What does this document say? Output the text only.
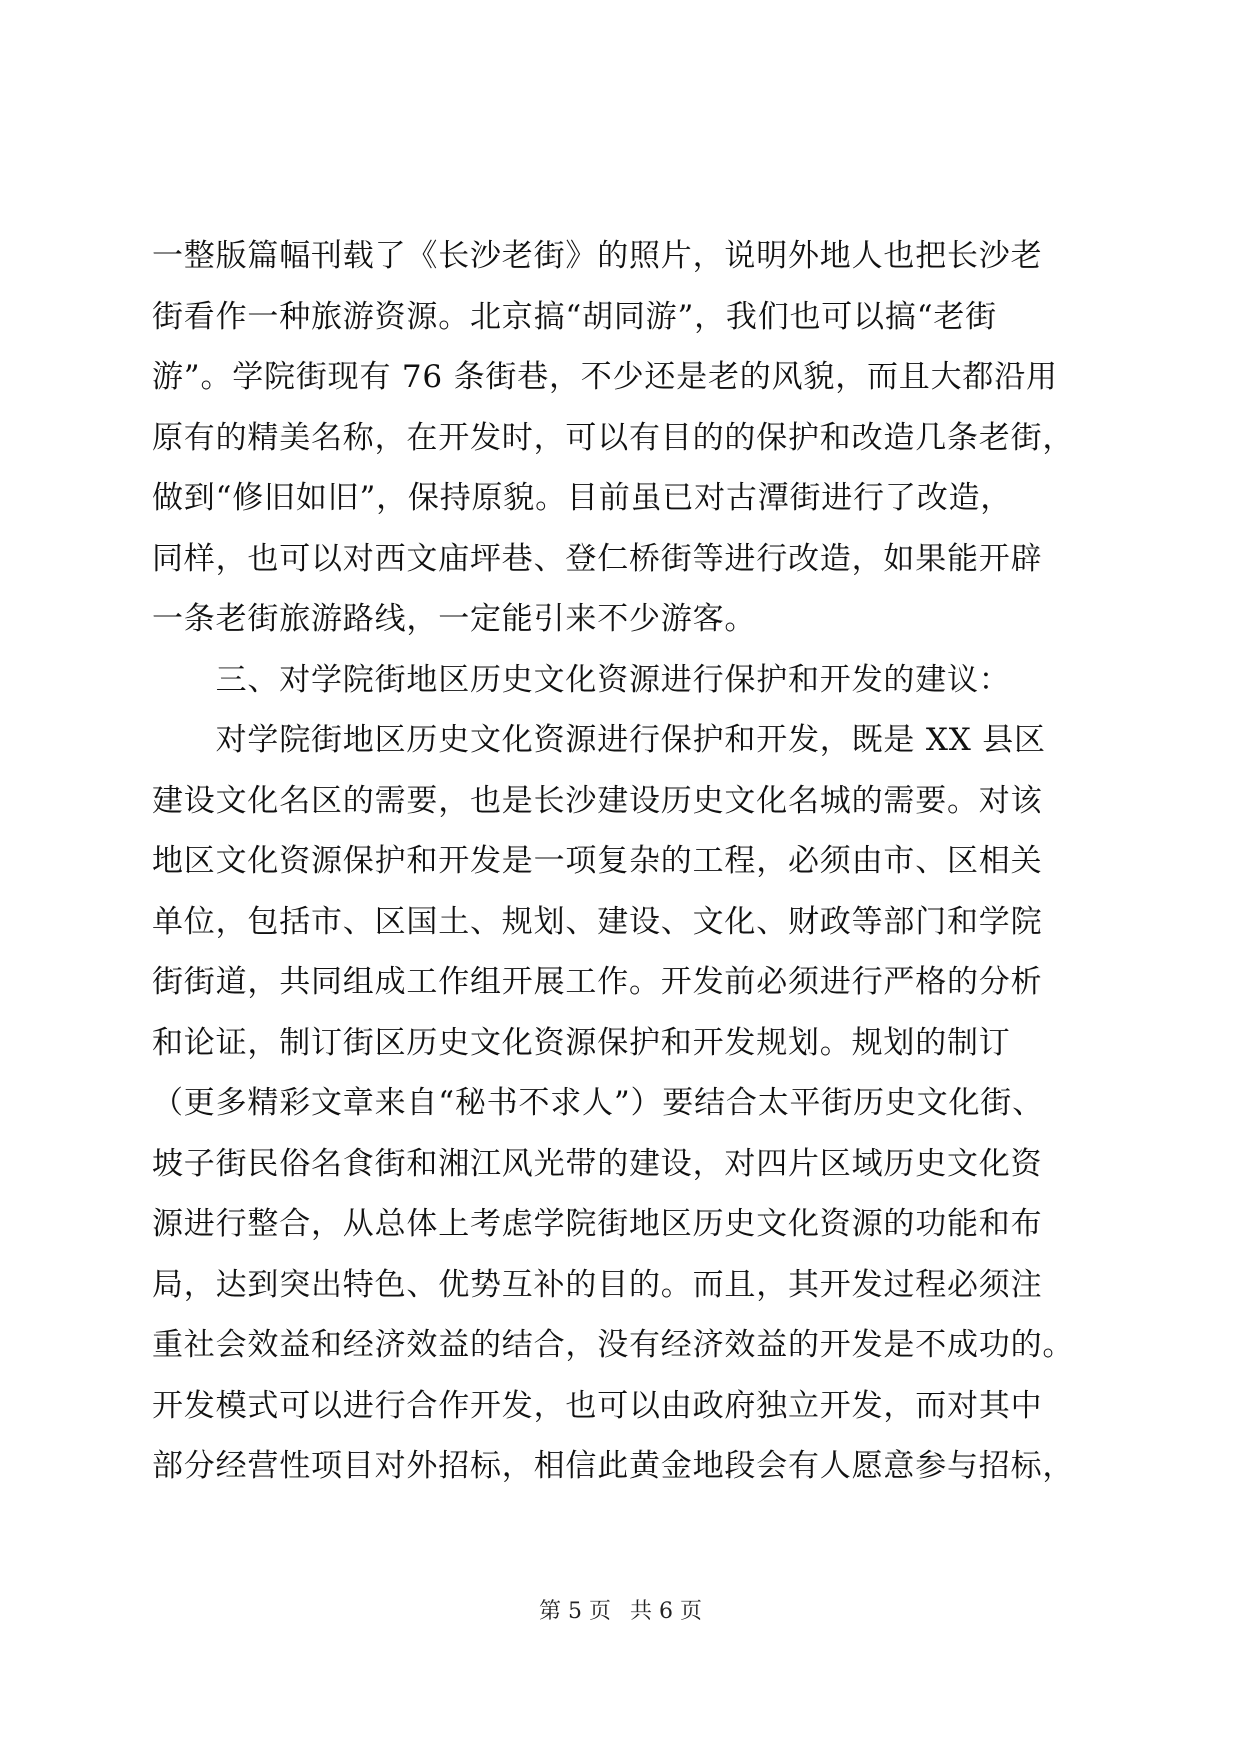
一整版篇幅刊载了《长沙老街》的照片，说明外地人也把长沙老
街看作一种旅游资源。北京搞“胡同游”，我们也可以搞“老街
游”。学院街现有 76 条街巷，不少还是老的风貌，而且大都沿用
原有的精美名称，在开发时，可以有目的的保护和改造几条老街，
做到“修旧如旧”，保持原貌。目前虽已对古潭街进行了改造，
同样，也可以对西文庙坪巷、登仁桥街等进行改造，如果能开辟
一条老街旅游路线，一定能引来不少游客。
　　三、对学院街地区历史文化资源进行保护和开发的建议：
　　对学院街地区历史文化资源进行保护和开发，既是 XX 县区
建设文化名区的需要，也是长沙建设历史文化名城的需要。对该
地区文化资源保护和开发是一项复杂的工程，必须由市、区相关
单位，包括市、区国土、规划、建设、文化、财政等部门和学院
街街道，共同组成工作组开展工作。开发前必须进行严格的分析
和论证，制订街区历史文化资源保护和开发规划。规划的制订
（更多精彩文章来自“秘书不求人”）要结合太平街历史文化街、
坡子街民俗名食街和湘江风光带的建设，对四片区域历史文化资
源进行整合，从总体上考虑学院街地区历史文化资源的功能和布
局，达到突出特色、优势互补的目的。而且，其开发过程必须注
重社会效益和经济效益的结合，没有经济效益的开发是不成功的。
开发模式可以进行合作开发，也可以由政府独立开发，而对其中
部分经营性项目对外招标，相信此黄金地段会有人愿意参与招标，
第 5 页 共 6 页
